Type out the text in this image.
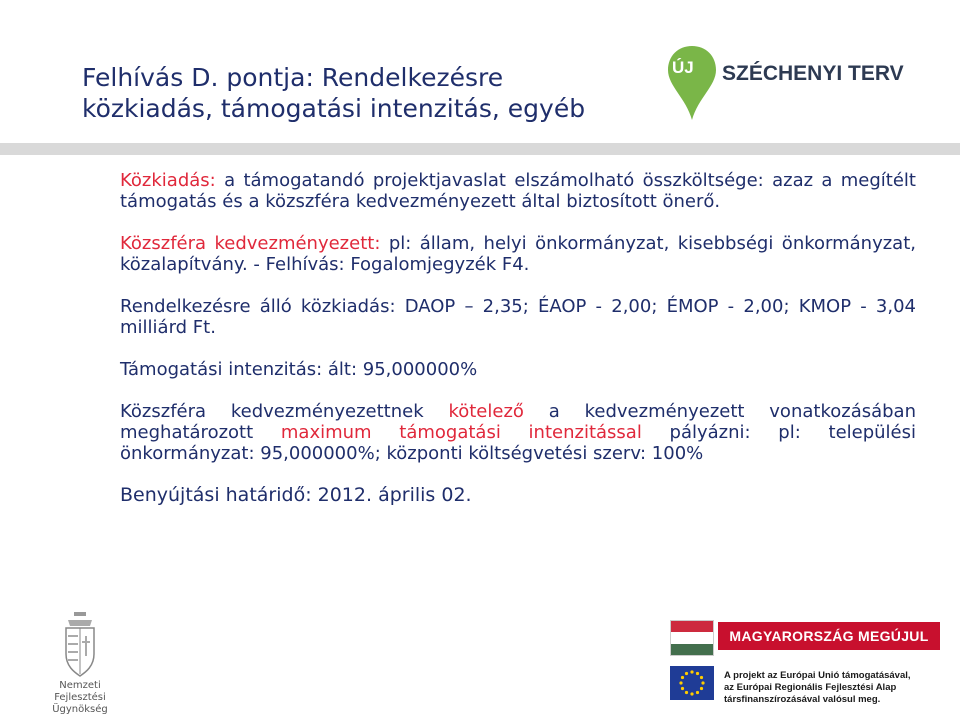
Felhívás D. pontja: Rendelkezésre
közkiadás, támogatási intenzitás, egyéb
ÚJ SZÉCHENYI TERV

Közkiadás: a támogatandó projektjavaslat elszámolható összköltsége: azaz a megítélt támogatás és a közszféra kedvezményezett által biztosított önerő.

Közszféra kedvezményezett: pl: állam, helyi önkormányzat, kisebbségi önkormányzat, közalapítvány. - Felhívás: Fogalomjegyzék F4.

Rendelkezésre álló közkiadás: DAOP – 2,35; ÉAOP - 2,00; ÉMOP - 2,00; KMOP - 3,04 milliárd Ft.

Támogatási intenzitás: ált: 95,000000%

Közszféra kedvezményezettnek kötelező a kedvezményezett vonatkozásában meghatározott maximum támogatási intenzitással pályázni: pl: települési önkormányzat: 95,000000%; központi költségvetési szerv: 100%

Benyújtási határidő: 2012. április 02.

Nemzeti
Fejlesztési Ügynökség
MAGYARORSZÁG MEGÚJUL
A projekt az Európai Unió támogatásával,
az Európai Regionális Fejlesztési Alap
társfinanszírozásával valósul meg.
